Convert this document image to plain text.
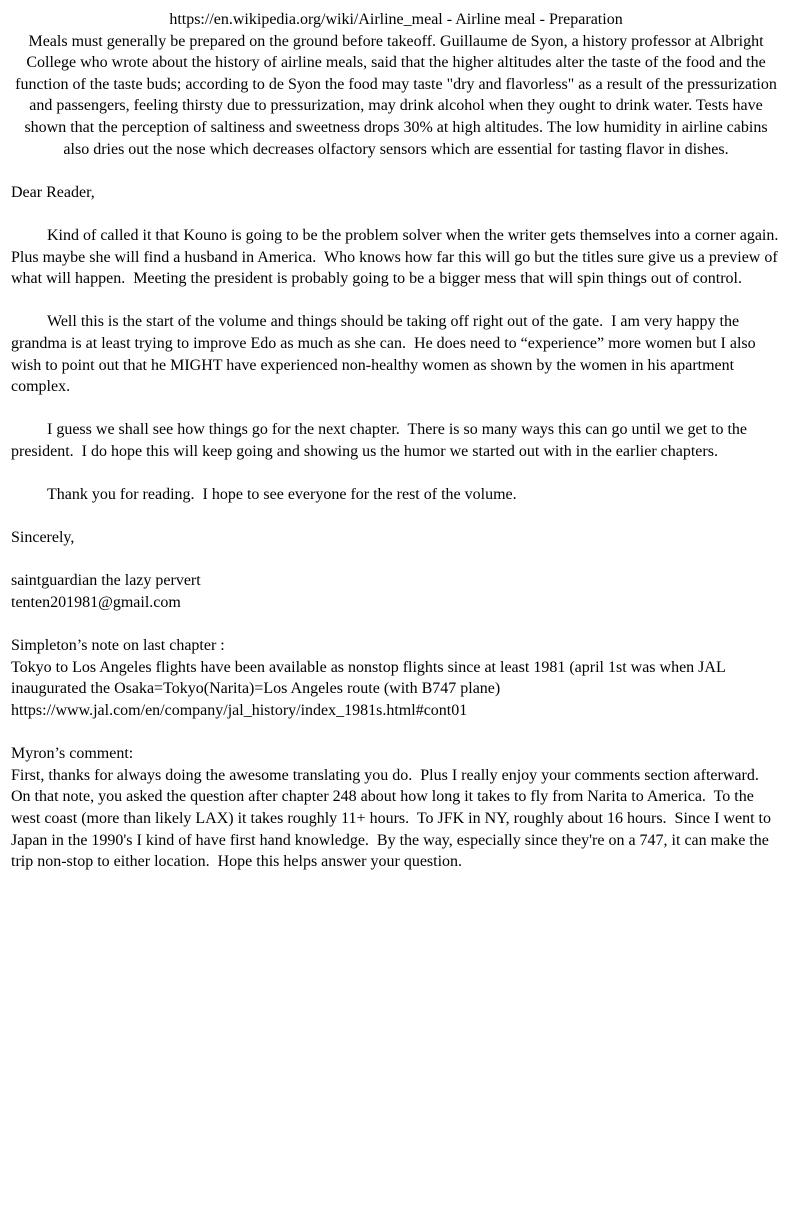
https://en.wikipedia.org/wiki/Airline_meal - Airline meal - Preparation

Meals must generally be prepared on the ground before takeoff. Guillaume de Syon, a history professor at Albright College who wrote about the history of airline meals, said that the higher altitudes alter the taste of the food and the function of the taste buds; according to de Syon the food may taste "dry and flavorless" as a result of the pressurization and passengers, feeling thirsty due to pressurization, may drink alcohol when they ought to drink water. Tests have shown that the perception of saltiness and sweetness drops 30% at high altitudes. The low humidity in airline cabins also dries out the nose which decreases olfactory sensors which are essential for tasting flavor in dishes.

Dear Reader,

Kind of called it that Kouno is going to be the problem solver when the writer gets themselves into a corner again.  Plus maybe she will find a husband in America.  Who knows how far this will go but the titles sure give us a preview of what will happen.  Meeting the president is probably going to be a bigger mess that will spin things out of control.

Well this is the start of the volume and things should be taking off right out of the gate.  I am very happy the grandma is at least trying to improve Edo as much as she can.  He does need to “experience” more women but I also wish to point out that he MIGHT have experienced non-healthy women as shown by the women in his apartment complex.

I guess we shall see how things go for the next chapter.  There is so many ways this can go until we get to the president.  I do hope this will keep going and showing us the humor we started out with in the earlier chapters.

Thank you for reading.  I hope to see everyone for the rest of the volume.

Sincerely,
saintguardian the lazy pervert
tenten201981@gmail.com
Simpleton’s note on last chapter :

Tokyo to Los Angeles flights have been available as nonstop flights since at least 1981 (april 1st was when JAL inaugurated the Osaka=Tokyo(Narita)=Los Angeles route (with B747 plane)

https://www.jal.com/en/company/jal_history/index_1981s.html#cont01
Myron’s comment:

First, thanks for always doing the awesome translating you do.  Plus I really enjoy your comments section afterward.  On that note, you asked the question after chapter 248 about how long it takes to fly from Narita to America.  To the west coast (more than likely LAX) it takes roughly 11+ hours.  To JFK in NY, roughly about 16 hours.  Since I went to Japan in the 1990's I kind of have first hand knowledge.  By the way, especially since they're on a 747, it can make the trip non-stop to either location.  Hope this helps answer your question.
